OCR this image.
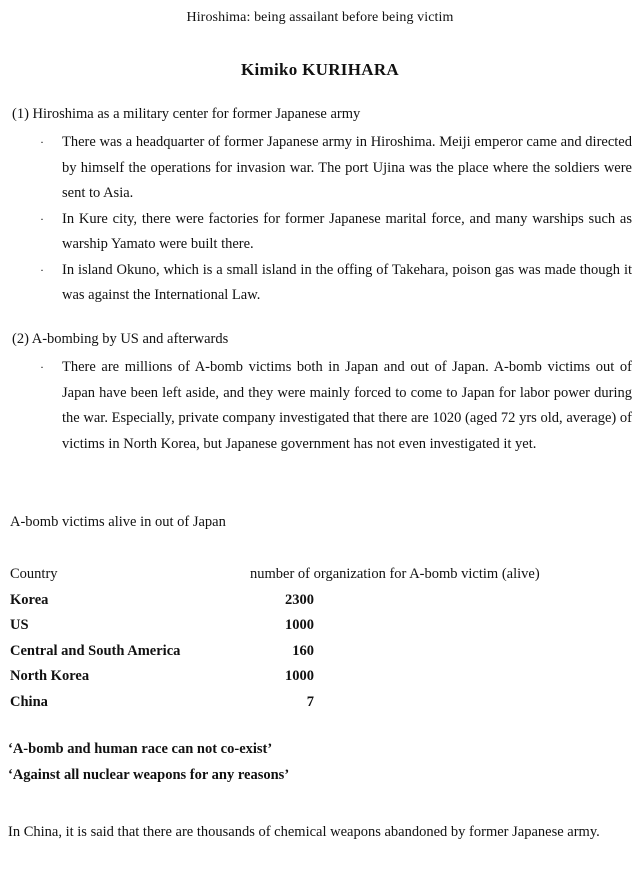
Hiroshima: being assailant before being victim
Kimiko KURIHARA
(1) Hiroshima as a military center for former Japanese army
· There was a headquarter of former Japanese army in Hiroshima. Meiji emperor came and directed by himself the operations for invasion war. The port Ujina was the place where the soldiers were sent to Asia.
· In Kure city, there were factories for former Japanese marital force, and many warships such as warship Yamato were built there.
· In island Okuno, which is a small island in the offing of Takehara, poison gas was made though it was against the International Law.
(2) A-bombing by US and afterwards
· There are millions of A-bomb victims both in Japan and out of Japan. A-bomb victims out of Japan have been left aside, and they were mainly forced to come to Japan for labor power during the war. Especially, private company investigated that there are 1020 (aged 72 yrs old, average) of victims in North Korea, but Japanese government has not even investigated it yet.
A-bomb victims alive in out of Japan
Country	number of organization for A-bomb victim (alive)
Korea	2300
US	1000
Central and South America	160
North Korea	1000
China	7
‘A-bomb and human race can not co-exist’
‘Against all nuclear weapons for any reasons’
In China, it is said that there are thousands of chemical weapons abandoned by former Japanese army.
